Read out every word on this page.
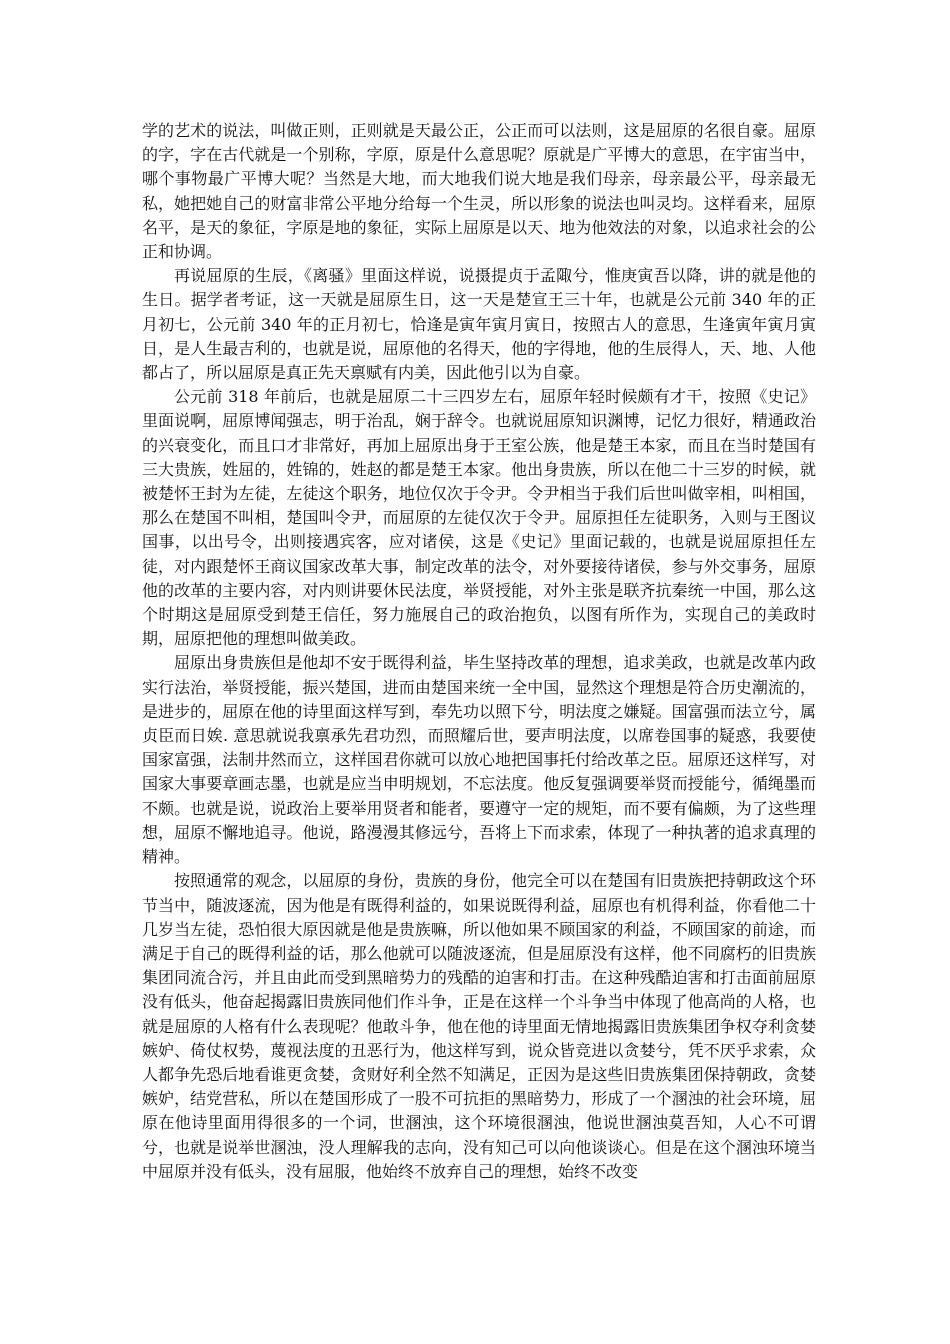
学的艺术的说法，叫做正则，正则就是天最公正，公正而可以法则，这是屈原的名很自豪。屈原的字，字在古代就是一个别称，字原，原是什么意思呢？原就是广平博大的意思，在宇宙当中，哪个事物最广平博大呢？当然是大地，而大地我们说大地是我们母亲，母亲最公平，母亲最无私，她把她自己的财富非常公平地分给每一个生灵，所以形象的说法也叫灵均。这样看来，屈原名平，是天的象征，字原是地的象征，实际上屈原是以天、地为他效法的对象，以追求社会的公正和协调。

再说屈原的生辰，《离骚》里面这样说，说摄提贞于孟陬兮，惟庚寅吾以降，讲的就是他的生日。据学者考证，这一天就是屈原生日，这一天是楚宣王三十年，也就是公元前 340 年的正月初七，公元前 340 年的正月初七，恰逢是寅年寅月寅日，按照古人的意思，生逢寅年寅月寅日，是人生最吉利的，也就是说，屈原他的名得天，他的字得地，他的生辰得人，天、地、人他都占了，所以屈原是真正先天禀赋有内美，因此他引以为自豪。

公元前 318 年前后，也就是屈原二十三四岁左右，屈原年轻时候颇有才干，按照《史记》里面说啊，屈原博闻强志，明于治乱，娴于辞令。也就说屈原知识渊博，记忆力很好，精通政治的兴衰变化，而且口才非常好，再加上屈原出身于王室公族，他是楚王本家，而且在当时楚国有三大贵族，姓屈的，姓锦的，姓赵的都是楚王本家。他出身贵族，所以在他二十三岁的时候，就被楚怀王封为左徒，左徒这个职务，地位仅次于令尹。令尹相当于我们后世叫做宰相，叫相国，那么在楚国不叫相，楚国叫令尹，而屈原的左徒仅次于令尹。屈原担任左徒职务，入则与王图议国事，以出号令，出则接遇宾客，应对诸侯，这是《史记》里面记载的，也就是说屈原担任左徒，对内跟楚怀王商议国家改革大事，制定改革的法令，对外要接待诸侯，参与外交事务，屈原他的改革的主要内容，对内则讲要休民法度，举贤授能，对外主张是联齐抗秦统一中国，那么这个时期这是屈原受到楚王信任，努力施展自己的政治抱负，以图有所作为，实现自己的美政时期，屈原把他的理想叫做美政。

屈原出身贵族但是他却不安于既得利益，毕生坚持改革的理想，追求美政，也就是改革内政实行法治，举贤授能，振兴楚国，进而由楚国来统一全中国，显然这个理想是符合历史潮流的，是进步的，屈原在他的诗里面这样写到，奉先功以照下兮，明法度之嫌疑。国富强而法立兮，属贞臣而日娭. 意思就说我禀承先君功烈，而照耀后世，要声明法度，以席卷国事的疑惑，我要使国家富强，法制井然而立，这样国君你就可以放心地把国事托付给改革之臣。屈原还这样写，对国家大事要章画志墨，也就是应当申明规划，不忘法度。他反复强调要举贤而授能兮，循绳墨而不颇。也就是说，说政治上要举用贤者和能者，要遵守一定的规矩，而不要有偏颇，为了这些理想，屈原不懈地追寻。他说，路漫漫其修远兮，吾将上下而求索，体现了一种执著的追求真理的精神。

按照通常的观念，以屈原的身份，贵族的身份，他完全可以在楚国有旧贵族把持朝政这个环节当中，随波逐流，因为他是有既得利益的，如果说既得利益，屈原也有机得利益，你看他二十几岁当左徒，恐怕很大原因就是他是贵族嘛，所以他如果不顾国家的利益，不顾国家的前途，而满足于自己的既得利益的话，那么他就可以随波逐流，但是屈原没有这样，他不同腐朽的旧贵族集团同流合污，并且由此而受到黑暗势力的残酷的迫害和打击。在这种残酷迫害和打击面前屈原没有低头，他奋起揭露旧贵族同他们作斗争，正是在这样一个斗争当中体现了他高尚的人格，也就是屈原的人格有什么表现呢？他敢斗争，他在他的诗里面无情地揭露旧贵族集团争权夺利贪婪嫉妒、倚仗权势，蔑视法度的丑恶行为，他这样写到，说众皆竞进以贪婪兮，凭不厌乎求索，众人都争先恐后地看谁更贪婪，贪财好利全然不知满足，正因为是这些旧贵族集团保持朝政，贪婪嫉妒，结党营私，所以在楚国形成了一股不可抗拒的黑暗势力，形成了一个溷浊的社会环境，屈原在他诗里面用得很多的一个词，世溷浊，这个环境很溷浊，他说世溷浊莫吾知，人心不可谓兮，也就是说举世溷浊，没人理解我的志向，没有知己可以向他谈谈心。但是在这个溷浊环境当中屈原并没有低头，没有屈服，他始终不放弃自己的理想，始终不改变
